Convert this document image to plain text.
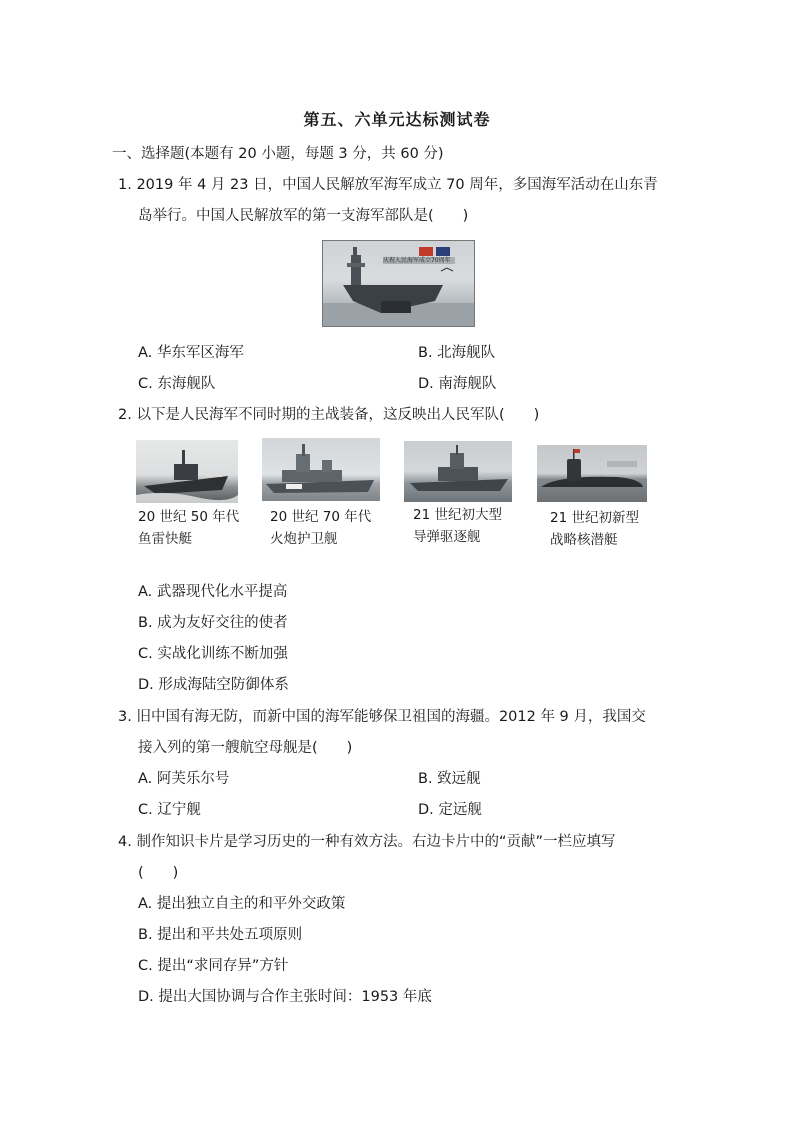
第五、六单元达标测试卷
一、选择题(本题有 20 小题，每题 3 分，共 60 分)
1. 2019 年 4 月 23 日，中国人民解放军海军成立 70 周年，多国海军活动在山东青
岛举行。中国人民解放军的第一支海军部队是(　　)
庆祝人民海军成立70周年
A. 华东军区海军	B. 北海舰队
C. 东海舰队	D. 南海舰队
2. 以下是人民海军不同时期的主战装备，这反映出人民军队(　　)
20 世纪 50 年代
鱼雷快艇
20 世纪 70 年代
火炮护卫舰
21 世纪初大型
导弹驱逐舰
21 世纪初新型
战略核潜艇
A. 武器现代化水平提高
B. 成为友好交往的使者
C. 实战化训练不断加强
D. 形成海陆空防御体系
3. 旧中国有海无防，而新中国的海军能够保卫祖国的海疆。2012 年 9 月，我国交
接入列的第一艘航空母舰是(　　)
A. 阿芙乐尔号	B. 致远舰
C. 辽宁舰	D. 定远舰
4. 制作知识卡片是学习历史的一种有效方法。右边卡片中的“贡献”一栏应填写
(　　)
A. 提出独立自主的和平外交政策
B. 提出和平共处五项原则
C. 提出“求同存异”方针
D. 提出大国协调与合作主张时间：1953 年底
